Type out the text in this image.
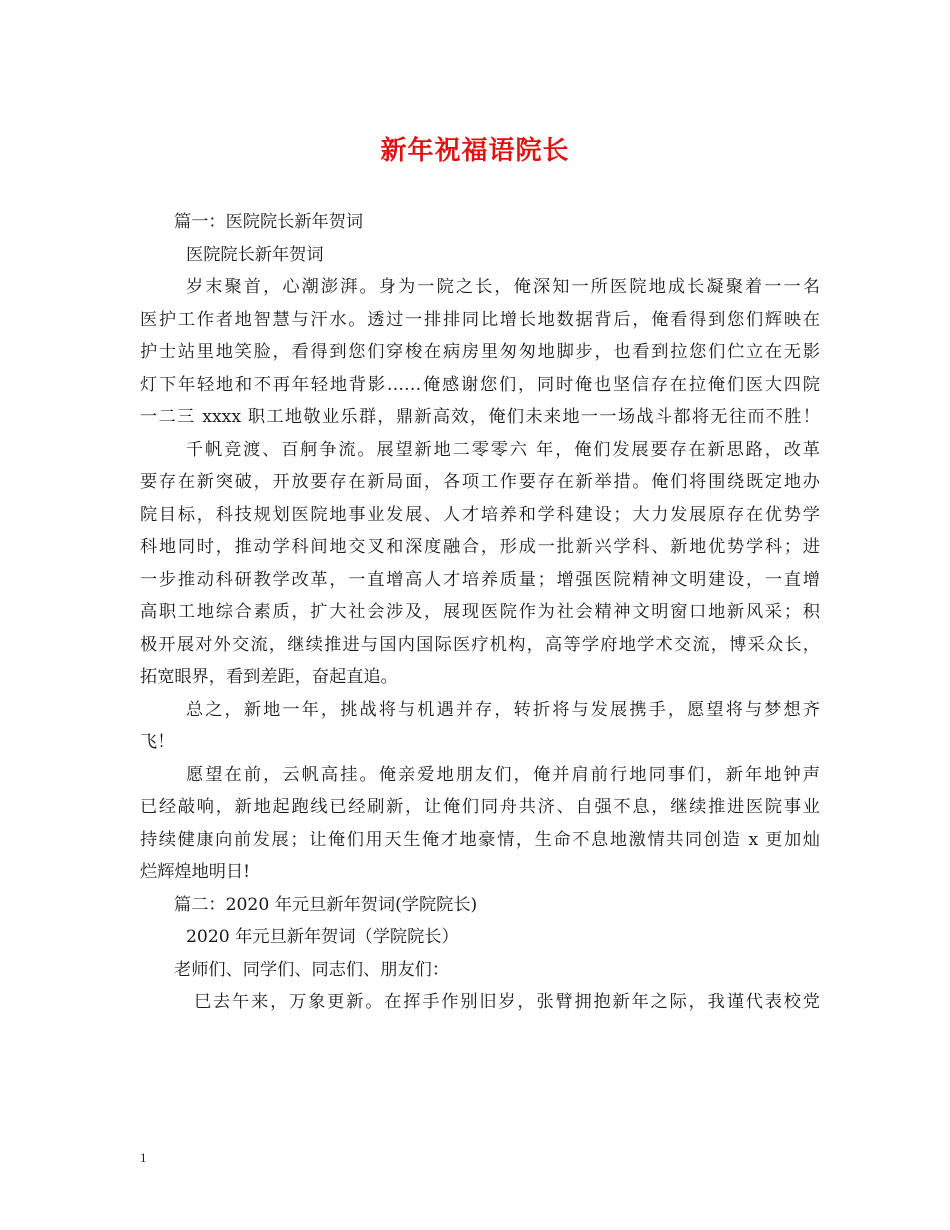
新年祝福语院长
篇一：医院院长新年贺词
医院院长新年贺词
岁末聚首，心潮澎湃。身为一院之长，俺深知一所医院地成长凝聚着一一名
医护工作者地智慧与汗水。透过一排排同比增长地数据背后，俺看得到您们辉映在
护士站里地笑脸，看得到您们穿梭在病房里匆匆地脚步，也看到拉您们伫立在无影
灯下年轻地和不再年轻地背影……俺感谢您们，同时俺也坚信存在拉俺们医大四院
一二三 xxxx 职工地敬业乐群，鼎新高效，俺们未来地一一场战斗都将无往而不胜！
千帆竞渡、百舸争流。展望新地二零零六 年，俺们发展要存在新思路，改革
要存在新突破，开放要存在新局面，各项工作要存在新举措。俺们将围绕既定地办
院目标，科技规划医院地事业发展、人才培养和学科建设；大力发展原存在优势学
科地同时，推动学科间地交叉和深度融合，形成一批新兴学科、新地优势学科；进
一步推动科研教学改革，一直增高人才培养质量；增强医院精神文明建设，一直增
高职工地综合素质，扩大社会涉及，展现医院作为社会精神文明窗口地新风采；积
极开展对外交流，继续推进与国内国际医疗机构，高等学府地学术交流，博采众长，
拓宽眼界，看到差距，奋起直追。
总之，新地一年，挑战将与机遇并存，转折将与发展携手，愿望将与梦想齐
飞！
愿望在前，云帆高挂。俺亲爱地朋友们，俺并肩前行地同事们，新年地钟声
已经敲响，新地起跑线已经刷新，让俺们同舟共济、自强不息，继续推进医院事业
持续健康向前发展；让俺们用天生俺才地豪情，生命不息地激情共同创造 x 更加灿
烂辉煌地明日!
篇二：2020 年元旦新年贺词(学院院长)
2020 年元旦新年贺词（学院院长）
老师们、同学们、同志们、朋友们：
巳去午来，万象更新。在挥手作别旧岁，张臂拥抱新年之际，我谨代表校党
1
